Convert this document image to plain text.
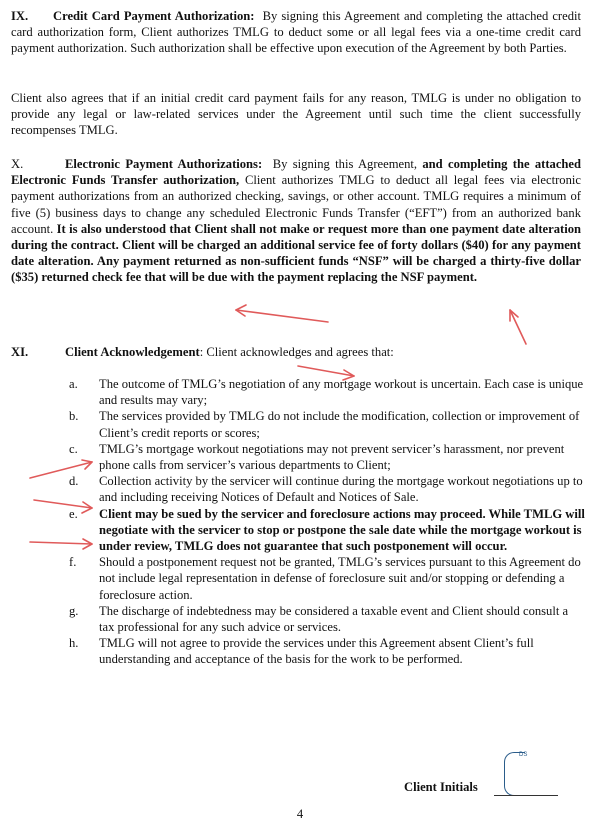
IX. Credit Card Payment Authorization: By signing this Agreement and completing the attached credit card authorization form, Client authorizes TMLG to deduct some or all legal fees via a one-time credit card payment authorization. Such authorization shall be effective upon execution of the Agreement by both Parties.

Client also agrees that if an initial credit card payment fails for any reason, TMLG is under no obligation to provide any legal or law-related services under the Agreement until such time the client successfully recompenses TMLG.

X.	Electronic Payment Authorizations: By signing this Agreement, and completing the attached Electronic Funds Transfer authorization, Client authorizes TMLG to deduct all legal fees via electronic payment authorizations from an authorized checking, savings, or other account. TMLG requires a minimum of five (5) business days to change any scheduled Electronic Funds Transfer (“EFT”) from an authorized bank account. It is also understood that Client shall not make or request more than one payment date alteration during the contract. Client will be charged an additional service fee of forty dollars ($40) for any payment date alteration. Any payment returned as non-sufficient funds “NSF” will be charged a thirty-five dollar ($35) returned check fee that will be due with the payment replacing the NSF payment.

XI.	Client Acknowledgement: Client acknowledges and agrees that:

a. The outcome of TMLG’s negotiation of any mortgage workout is uncertain. Each case is unique and results may vary;
b. The services provided by TMLG do not include the modification, collection or improvement of Client’s credit reports or scores;
c. TMLG’s mortgage workout negotiations may not prevent servicer’s harassment, nor prevent phone calls from servicer’s various departments to Client;
d. Collection activity by the servicer will continue during the mortgage workout negotiations up to and including receiving Notices of Default and Notices of Sale.
e. Client may be sued by the servicer and foreclosure actions may proceed. While TMLG will negotiate with the servicer to stop or postpone the sale date while the mortgage workout is under review, TMLG does not guarantee that such postponement will occur.
f. Should a postponement request not be granted, TMLG’s services pursuant to this Agreement do not include legal representation in defense of foreclosure suit and/or stopping or defending a foreclosure action.
g. The discharge of indebtedness may be considered a taxable event and Client should consult a tax professional for any such advice or services.
h. TMLG will not agree to provide the services under this Agreement absent Client’s full understanding and acceptance of the basis for the work to be performed.
DS
Client Initials
4
